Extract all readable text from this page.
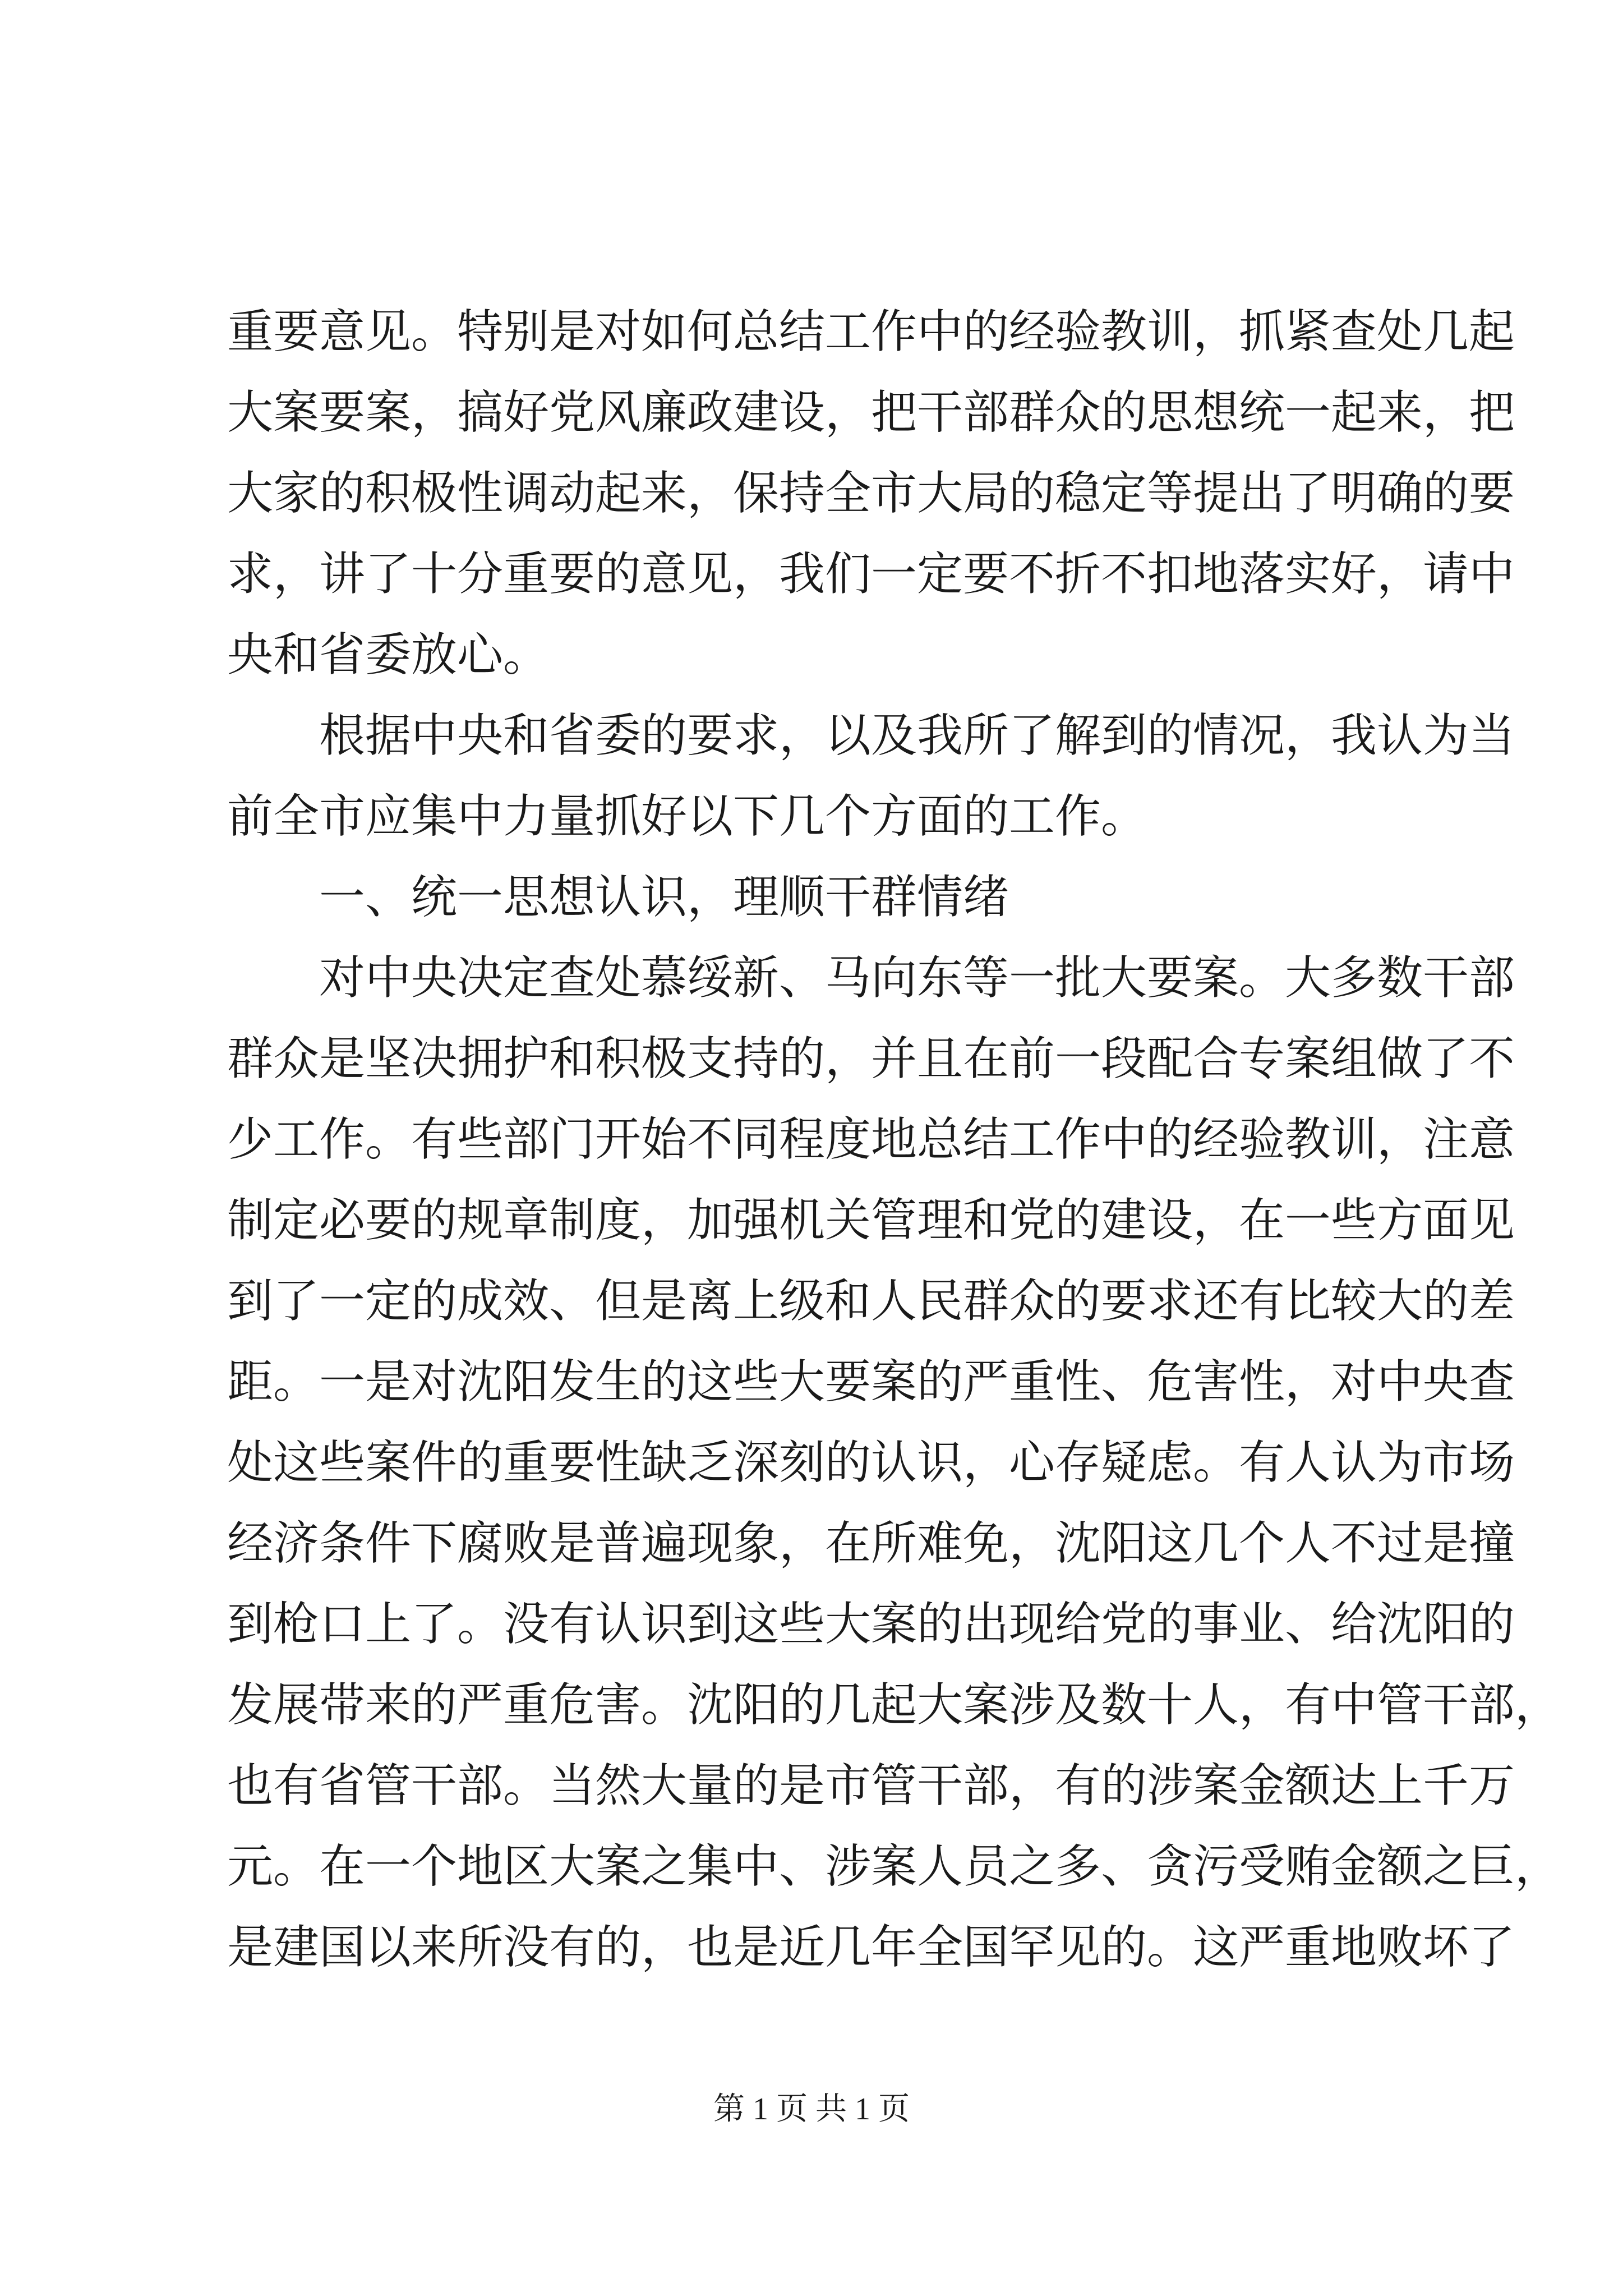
重要意见。特别是对如何总结工作中的经验教训，抓紧查处几起
大案要案，搞好党风廉政建设，把干部群众的思想统一起来，把
大家的积极性调动起来，保持全市大局的稳定等提出了明确的要
求，讲了十分重要的意见，我们一定要不折不扣地落实好，请中
央和省委放心。
根据中央和省委的要求，以及我所了解到的情况，我认为当
前全市应集中力量抓好以下几个方面的工作。
一、统一思想认识，理顺干群情绪
对中央决定查处慕绥新、马向东等一批大要案。大多数干部
群众是坚决拥护和积极支持的，并且在前一段配合专案组做了不
少工作。有些部门开始不同程度地总结工作中的经验教训，注意
制定必要的规章制度，加强机关管理和党的建设，在一些方面见
到了一定的成效、但是离上级和人民群众的要求还有比较大的差
距。一是对沈阳发生的这些大要案的严重性、危害性，对中央查
处这些案件的重要性缺乏深刻的认识，心存疑虑。有人认为市场
经济条件下腐败是普遍现象，在所难免，沈阳这几个人不过是撞
到枪口上了。没有认识到这些大案的出现给党的事业、给沈阳的
发展带来的严重危害。沈阳的几起大案涉及数十人，有中管干部，
也有省管干部。当然大量的是市管干部，有的涉案金额达上千万
元。在一个地区大案之集中、涉案人员之多、贪污受贿金额之巨，
是建国以来所没有的，也是近几年全国罕见的。这严重地败坏了
第 1 页 共 1 页
